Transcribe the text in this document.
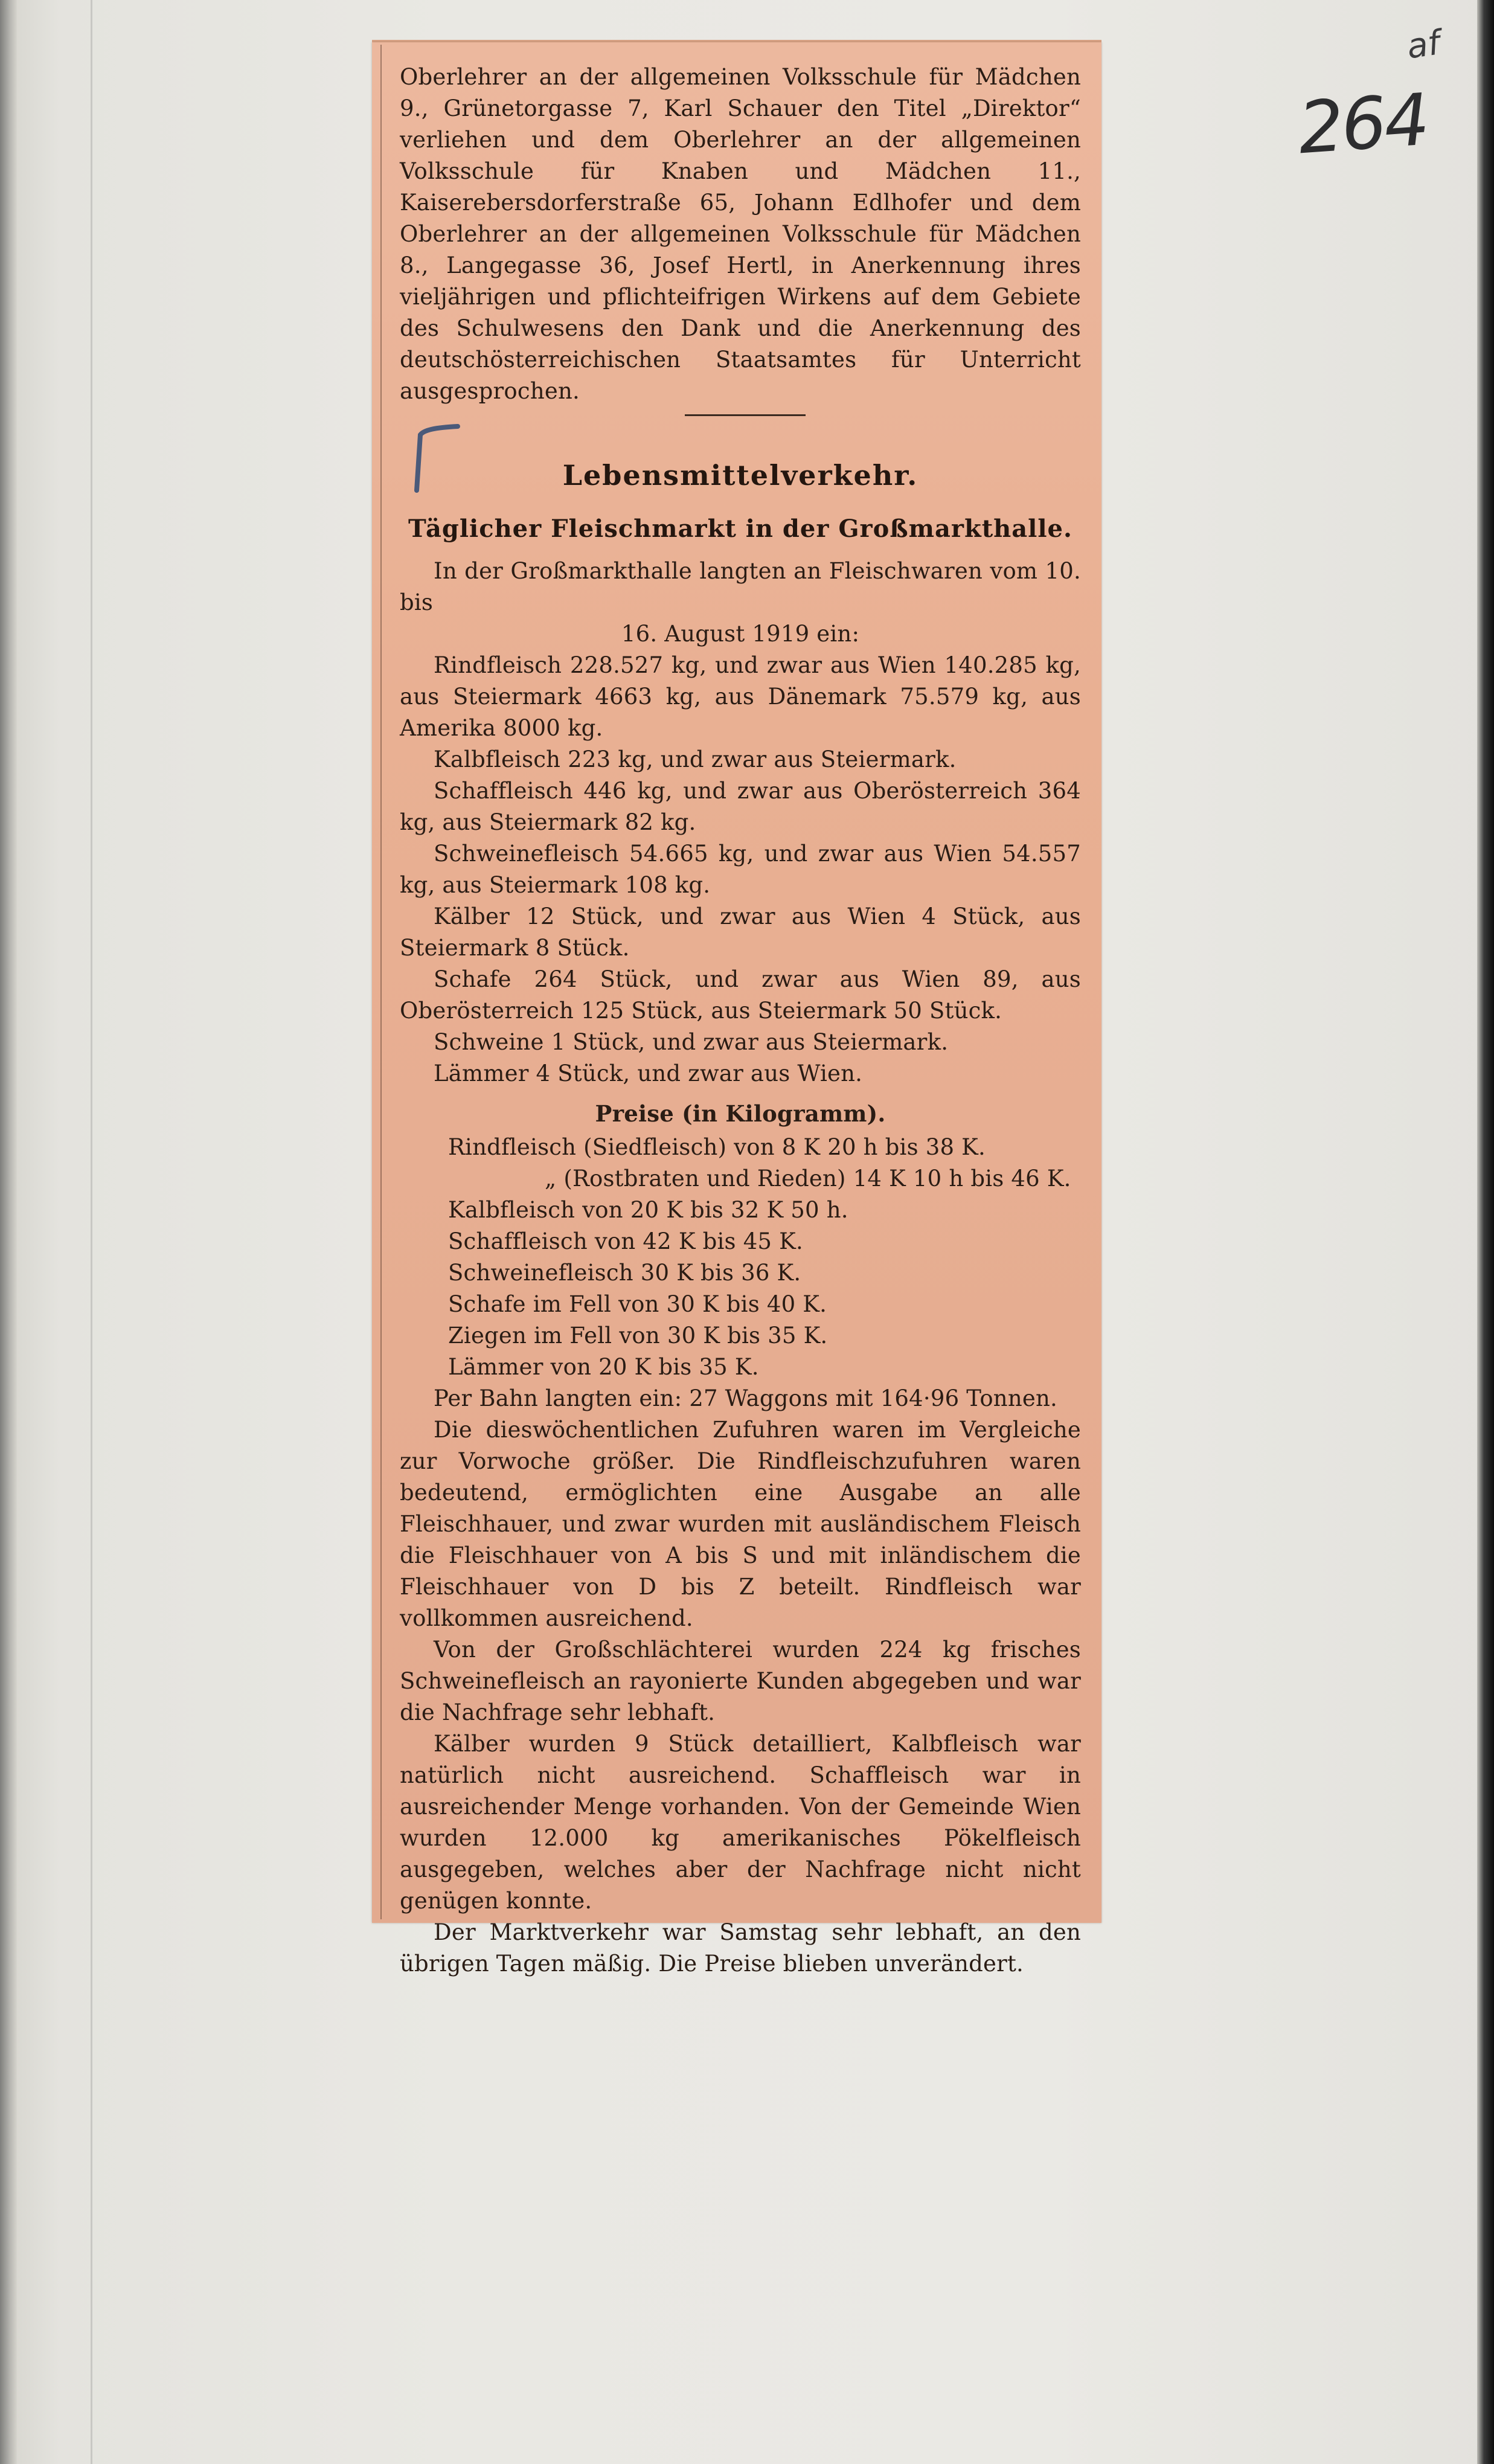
af
264

Oberlehrer an der allgemeinen Volksschule für Mädchen 9., Grünetorgasse 7, Karl Schauer den Titel „Direktor“ verliehen und dem Oberlehrer an der allgemeinen Volksschule für Knaben und Mädchen 11., Kaiserebersdorferstraße 65, Johann Edlhofer und dem Oberlehrer an der allgemeinen Volksschule für Mädchen 8., Langegasse 36, Josef Hertl, in Anerkennung ihres vieljährigen und pflichteifrigen Wirkens auf dem Gebiete des Schulwesens den Dank und die Anerkennung des deutschösterreichischen Staatsamtes für Unterricht ausgesprochen.

Lebensmittelverkehr.
Täglicher Fleischmarkt in der Großmarkthalle.

In der Großmarkthalle langten an Fleischwaren vom 10. bis

16. August 1919 ein:

Rindfleisch 228.527 kg, und zwar aus Wien 140.285 kg, aus Steiermark 4663 kg, aus Dänemark 75.579 kg, aus Amerika 8000 kg.

Kalbfleisch 223 kg, und zwar aus Steiermark.

Schaffleisch 446 kg, und zwar aus Oberösterreich 364 kg, aus Steiermark 82 kg.

Schweinefleisch 54.665 kg, und zwar aus Wien 54.557 kg, aus Steiermark 108 kg.

Kälber 12 Stück, und zwar aus Wien 4 Stück, aus Steiermark 8 Stück.

Schafe 264 Stück, und zwar aus Wien 89, aus Oberösterreich 125 Stück, aus Steiermark 50 Stück.

Schweine 1 Stück, und zwar aus Steiermark.

Lämmer 4 Stück, und zwar aus Wien.

Preise (in Kilogramm).

Rindfleisch (Siedfleisch) von 8 K 20 h bis 38 K.

„ (Rostbraten und Rieden) 14 K 10 h bis 46 K.

Kalbfleisch von 20 K bis 32 K 50 h.

Schaffleisch von 42 K bis 45 K.

Schweinefleisch 30 K bis 36 K.

Schafe im Fell von 30 K bis 40 K.

Ziegen im Fell von 30 K bis 35 K.

Lämmer von 20 K bis 35 K.

Per Bahn langten ein: 27 Waggons mit 164·96 Tonnen.

Die dieswöchentlichen Zufuhren waren im Vergleiche zur Vorwoche größer. Die Rindfleischzufuhren waren bedeutend, ermöglichten eine Ausgabe an alle Fleischhauer, und zwar wurden mit ausländischem Fleisch die Fleischhauer von A bis S und mit inländischem die Fleischhauer von D bis Z beteilt. Rindfleisch war vollkommen ausreichend.

Von der Großschlächterei wurden 224 kg frisches Schweinefleisch an rayonierte Kunden abgegeben und war die Nachfrage sehr lebhaft.

Kälber wurden 9 Stück detailliert, Kalbfleisch war natürlich nicht ausreichend. Schaffleisch war in ausreichender Menge vorhanden. Von der Gemeinde Wien wurden 12.000 kg amerikanisches Pökelfleisch ausgegeben, welches aber der Nachfrage nicht nicht genügen konnte.

Der Marktverkehr war Samstag sehr lebhaft, an den übrigen Tagen mäßig. Die Preise blieben unverändert.
